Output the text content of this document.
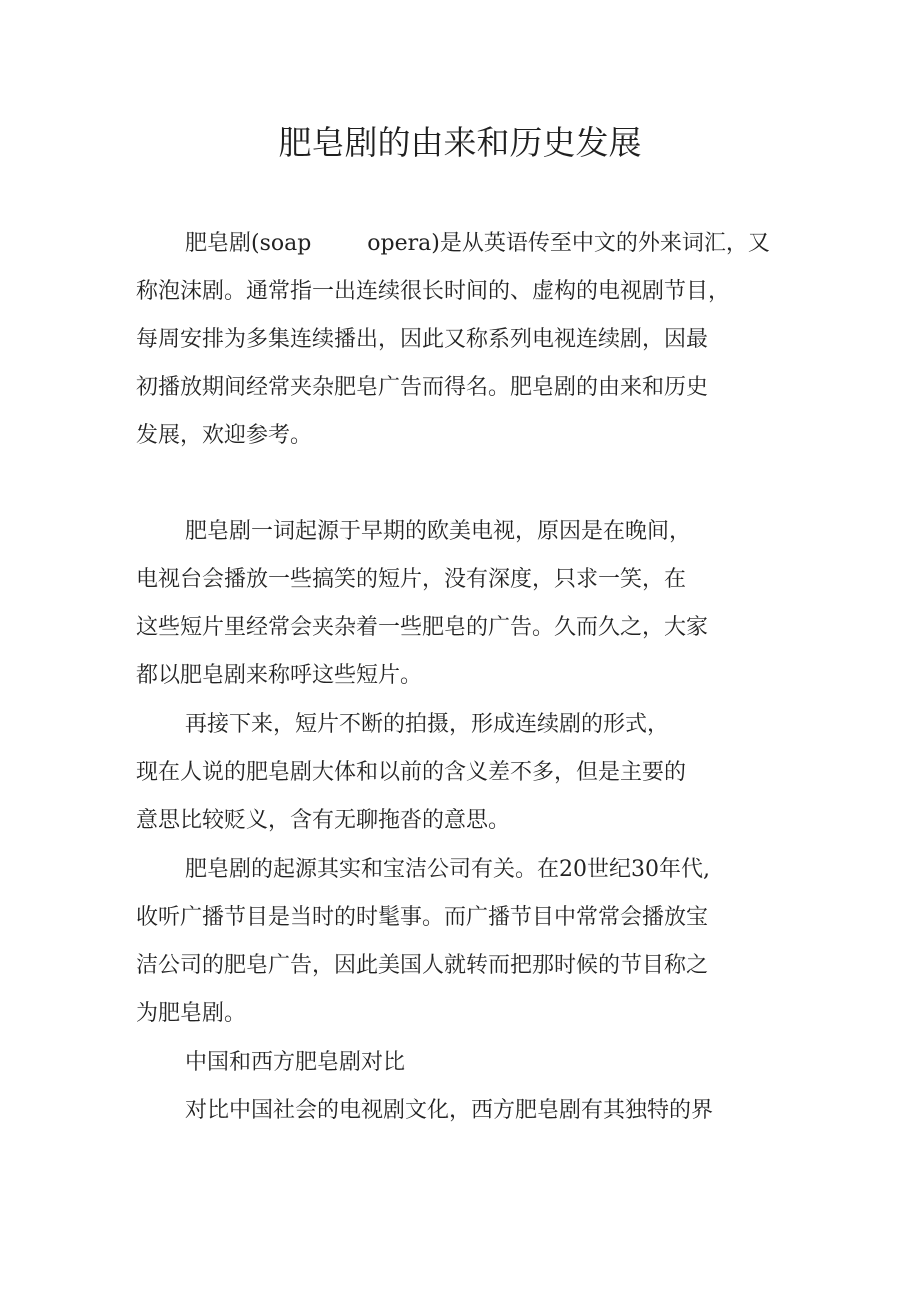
肥皂剧的由来和历史发展
肥皂剧(soap        opera)是从英语传至中文的外来词汇，又
称泡沫剧。通常指一出连续很长时间的、虚构的电视剧节目，
每周安排为多集连续播出，因此又称系列电视连续剧，因最
初播放期间经常夹杂肥皂广告而得名。肥皂剧的由来和历史
发展，欢迎参考。
肥皂剧一词起源于早期的欧美电视，原因是在晚间，
电视台会播放一些搞笑的短片，没有深度，只求一笑，在
这些短片里经常会夹杂着一些肥皂的广告。久而久之，大家
都以肥皂剧来称呼这些短片。
再接下来，短片不断的拍摄，形成连续剧的形式，
现在人说的肥皂剧大体和以前的含义差不多，但是主要的
意思比较贬义，含有无聊拖沓的意思。
肥皂剧的起源其实和宝洁公司有关。在20世纪30年代,
收听广播节目是当时的时髦事。而广播节目中常常会播放宝
洁公司的肥皂广告，因此美国人就转而把那时候的节目称之
为肥皂剧。
中国和西方肥皂剧对比
对比中国社会的电视剧文化，西方肥皂剧有其独特的界
